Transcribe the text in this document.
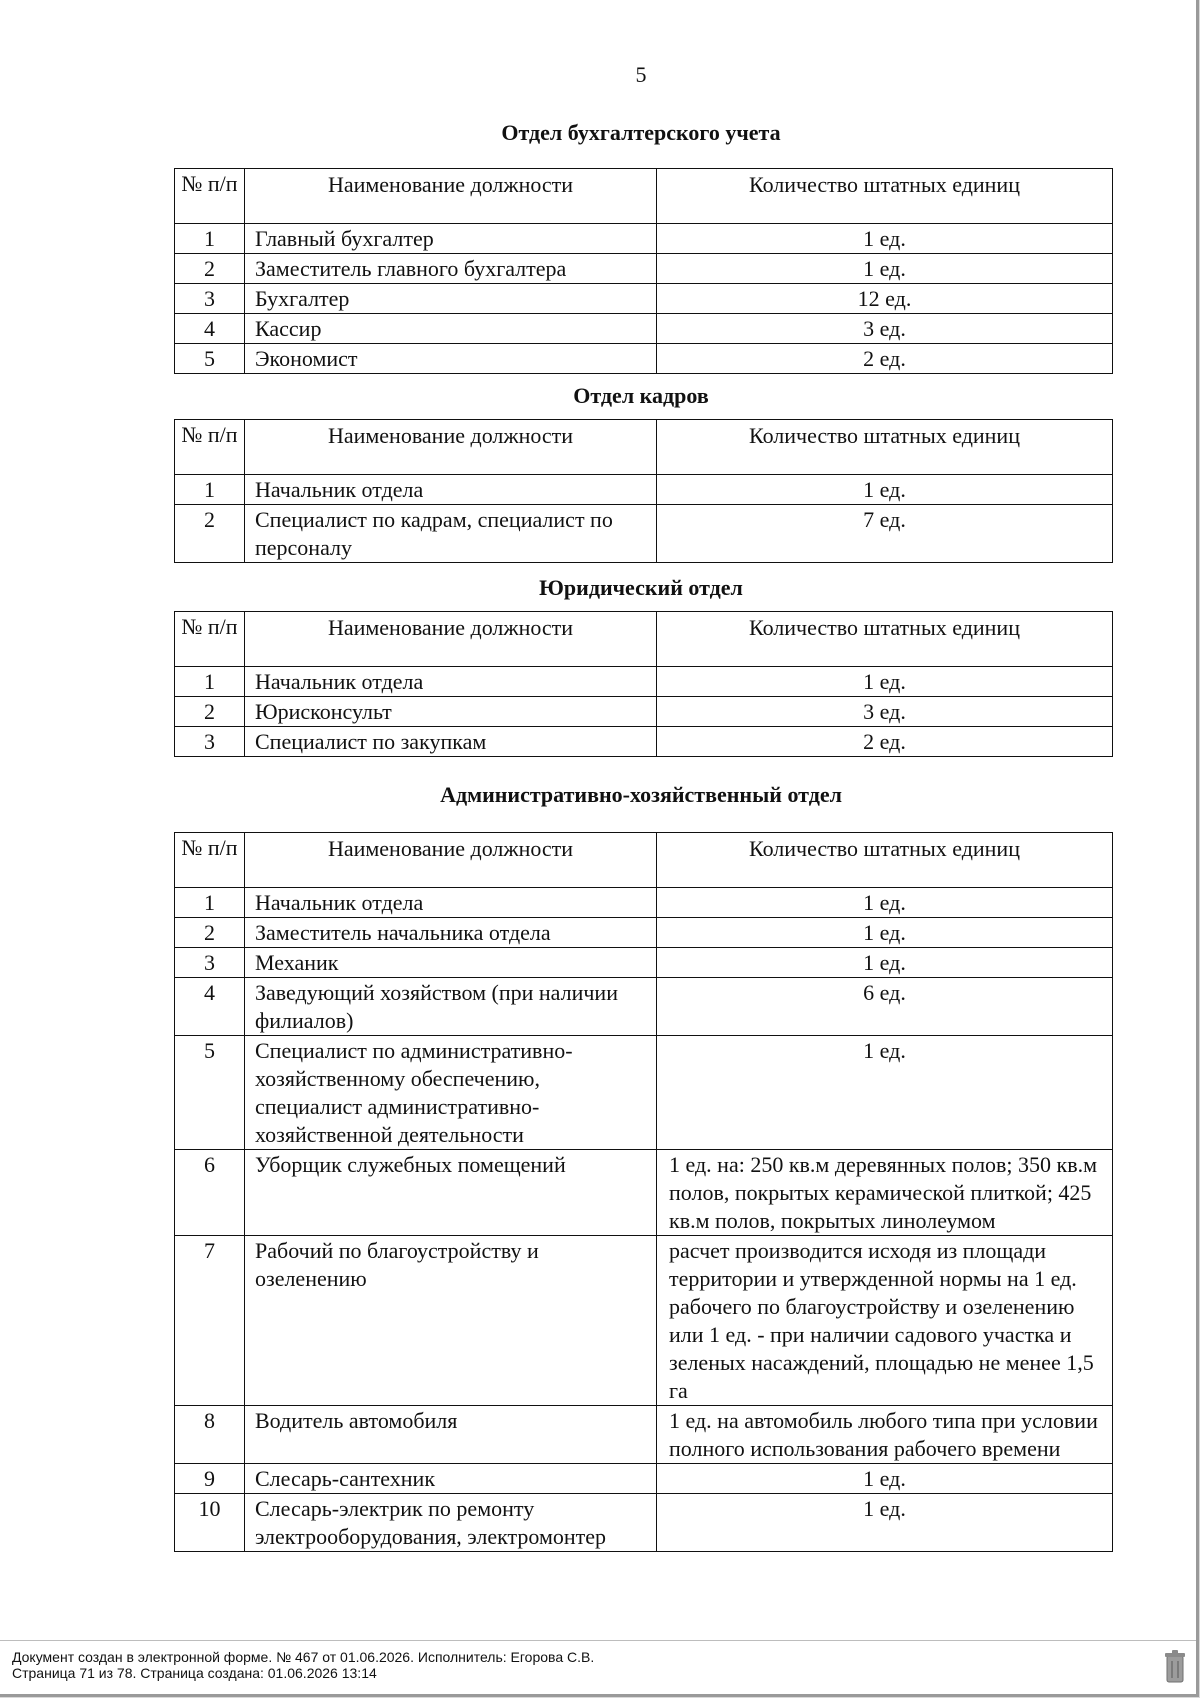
5
Отдел бухгалтерского учета
№ п/п	Наименование должности	Количество штатных единиц
1	Главный бухгалтер	1 ед.
2	Заместитель главного бухгалтера	1 ед.
3	Бухгалтер	12 ед.
4	Кассир	3 ед.
5	Экономист	2 ед.
Отдел кадров
№ п/п	Наименование должности	Количество штатных единиц
1	Начальник отдела	1 ед.
2	Специалист по кадрам, специалист по персоналу	7 ед.
Юридический отдел
№ п/п	Наименование должности	Количество штатных единиц
1	Начальник отдела	1 ед.
2	Юрисконсульт	3 ед.
3	Специалист по закупкам	2 ед.
Административно-хозяйственный отдел
№ п/п	Наименование должности	Количество штатных единиц
1	Начальник отдела	1 ед.
2	Заместитель начальника отдела	1 ед.
3	Механик	1 ед.
4	Заведующий хозяйством (при наличии филиалов)	6 ед.
5	Специалист по административно-хозяйственному обеспечению, специалист административно-хозяйственной деятельности	1 ед.
6	Уборщик служебных помещений	1 ед. на: 250 кв.м деревянных полов; 350 кв.м полов, покрытых керамической плиткой; 425 кв.м полов, покрытых линолеумом
7	Рабочий по благоустройству и озеленению	расчет производится исходя из площади территории и утвержденной нормы на 1 ед. рабочего по благоустройству и озеленению или 1 ед. - при наличии садового участка и зеленых насаждений, площадью не менее 1,5 га
8	Водитель автомобиля	1 ед. на автомобиль любого типа при условии полного использования рабочего времени
9	Слесарь-сантехник	1 ед.
10	Слесарь-электрик по ремонту электрооборудования, электромонтер	1 ед.
Документ создан в электронной форме. № 467 от 01.06.2026. Исполнитель: Егорова С.В.
Страница 71 из 78. Страница создана: 01.06.2026 13:14
